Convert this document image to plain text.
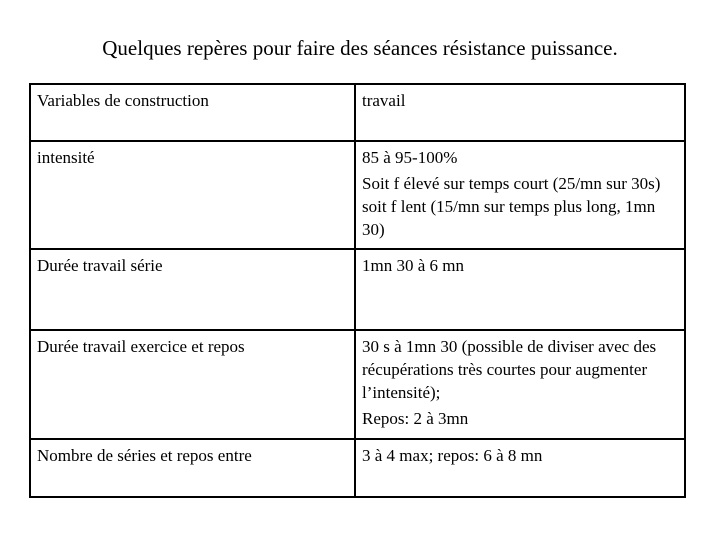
Quelques repères pour faire des séances résistance puissance.
Variables de construction	travail
intensité	85 à 95-100%

Soit f élevé sur temps court (25/mn sur 30s) soit f lent (15/mn sur temps plus long, 1mn 30)

Durée travail série	1mn 30 à 6 mn

Durée travail exercice et repos	30 s à 1mn 30 (possible de diviser avec des récupérations très courtes pour augmenter l’intensité);

Repos: 2 à 3mn

Nombre de séries et repos entre	3 à 4 max; repos: 6 à 8 mn
